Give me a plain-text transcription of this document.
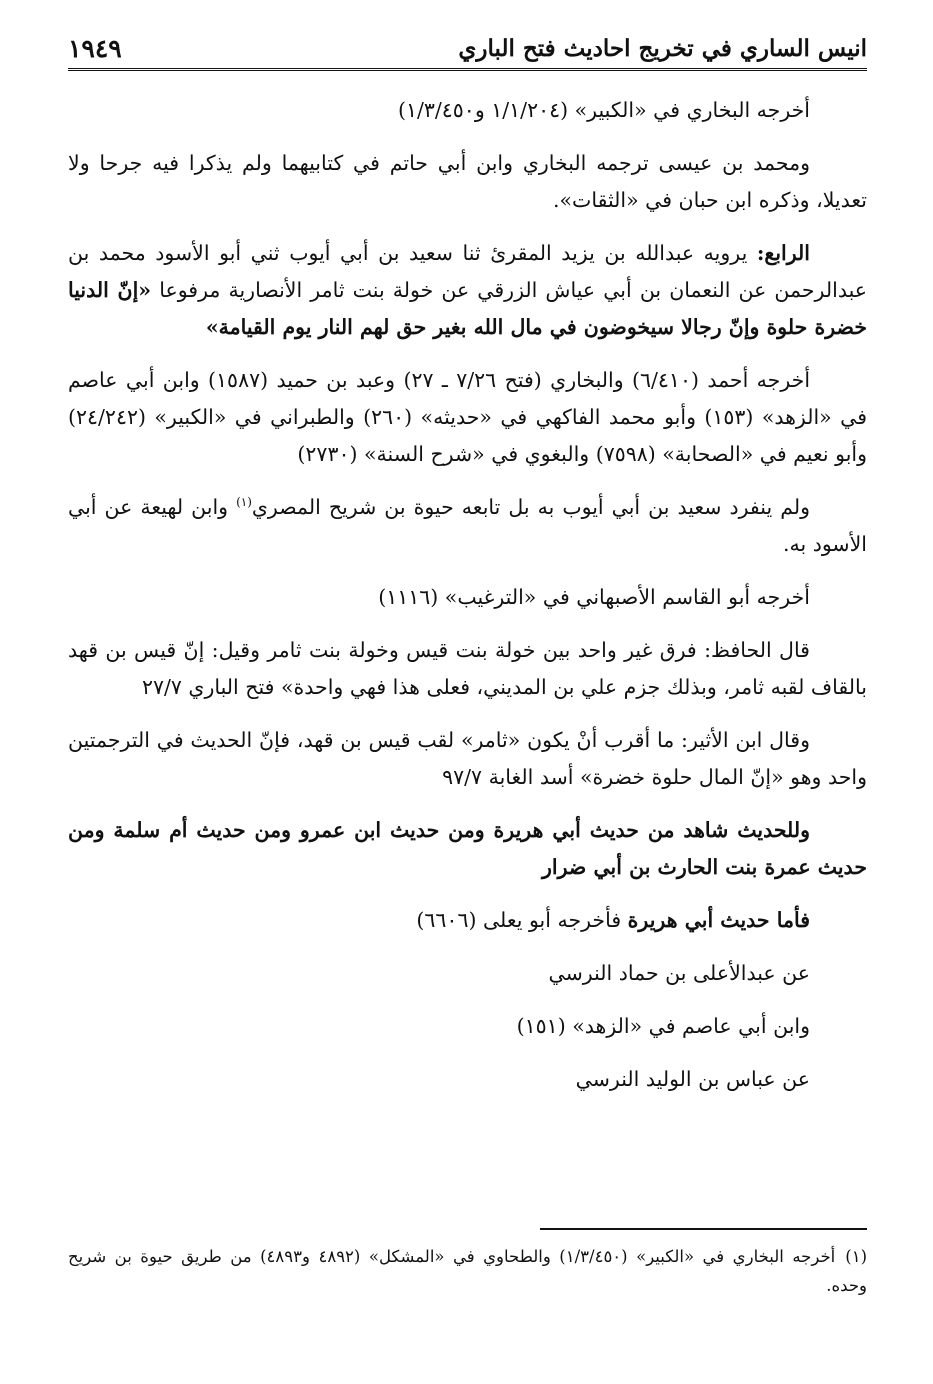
انيس الساري في تخريج احاديث فتح الباري
١٩٤٩

أخرجه البخاري في «الكبير» (١/١/٢٠٤ و١/٣/٤٥٠)

ومحمد بن عيسى ترجمه البخاري وابن أبي حاتم في كتابيهما ولم يذكرا فيه جرحا ولا تعديلا، وذكره ابن حبان في «الثقات».

الرابع: يرويه عبدالله بن يزيد المقرئ ثنا سعيد بن أبي أيوب ثني أبو الأسود محمد بن عبدالرحمن عن النعمان بن أبي عياش الزرقي عن خولة بنت ثامر الأنصارية مرفوعا «إنّ الدنيا خضرة حلوة وإنّ رجالا سيخوضون في مال الله بغير حق لهم النار يوم القيامة»

أخرجه أحمد (٦/٤١٠) والبخاري (فتح ٧/٢٦ ـ ٢٧) وعبد بن حميد (١٥٨٧) وابن أبي عاصم في «الزهد» (١٥٣) وأبو محمد الفاكهي في «حديثه» (٢٦٠) والطبراني في «الكبير» (٢٤/٢٤٢) وأبو نعيم في «الصحابة» (٧٥٩٨) والبغوي في «شرح السنة» (٢٧٣٠)

ولم ينفرد سعيد بن أبي أيوب به بل تابعه حيوة بن شريح المصري$^{(١)}$ وابن لهيعة عن أبي الأسود به.

أخرجه أبو القاسم الأصبهاني في «الترغيب» (١١١٦)

قال الحافظ: فرق غير واحد بين خولة بنت قيس وخولة بنت ثامر وقيل: إنّ قيس بن قهد بالقاف لقبه ثامر، وبذلك جزم علي بن المديني، فعلى هذا فهي واحدة» فتح الباري ٢٧/٧

وقال ابن الأثير: ما أقرب أنْ يكون «ثامر» لقب قيس بن قهد، فإنّ الحديث في الترجمتين واحد وهو «إنّ المال حلوة خضرة» أسد الغابة ٩٧/٧

وللحديث شاهد من حديث أبي هريرة ومن حديث ابن عمرو ومن حديث أم سلمة ومن حديث عمرة بنت الحارث بن أبي ضرار

فأما حديث أبي هريرة فأخرجه أبو يعلى (٦٦٠٦)

عن عبدالأعلى بن حماد النرسي

وابن أبي عاصم في «الزهد» (١٥١)

عن عباس بن الوليد النرسي

(١)أخرجه البخاري في «الكبير» (١/٣/٤٥٠) والطحاوي في «المشكل» (٤٨٩٢ و٤٨٩٣) من طريق حيوة بن شريح وحده.
